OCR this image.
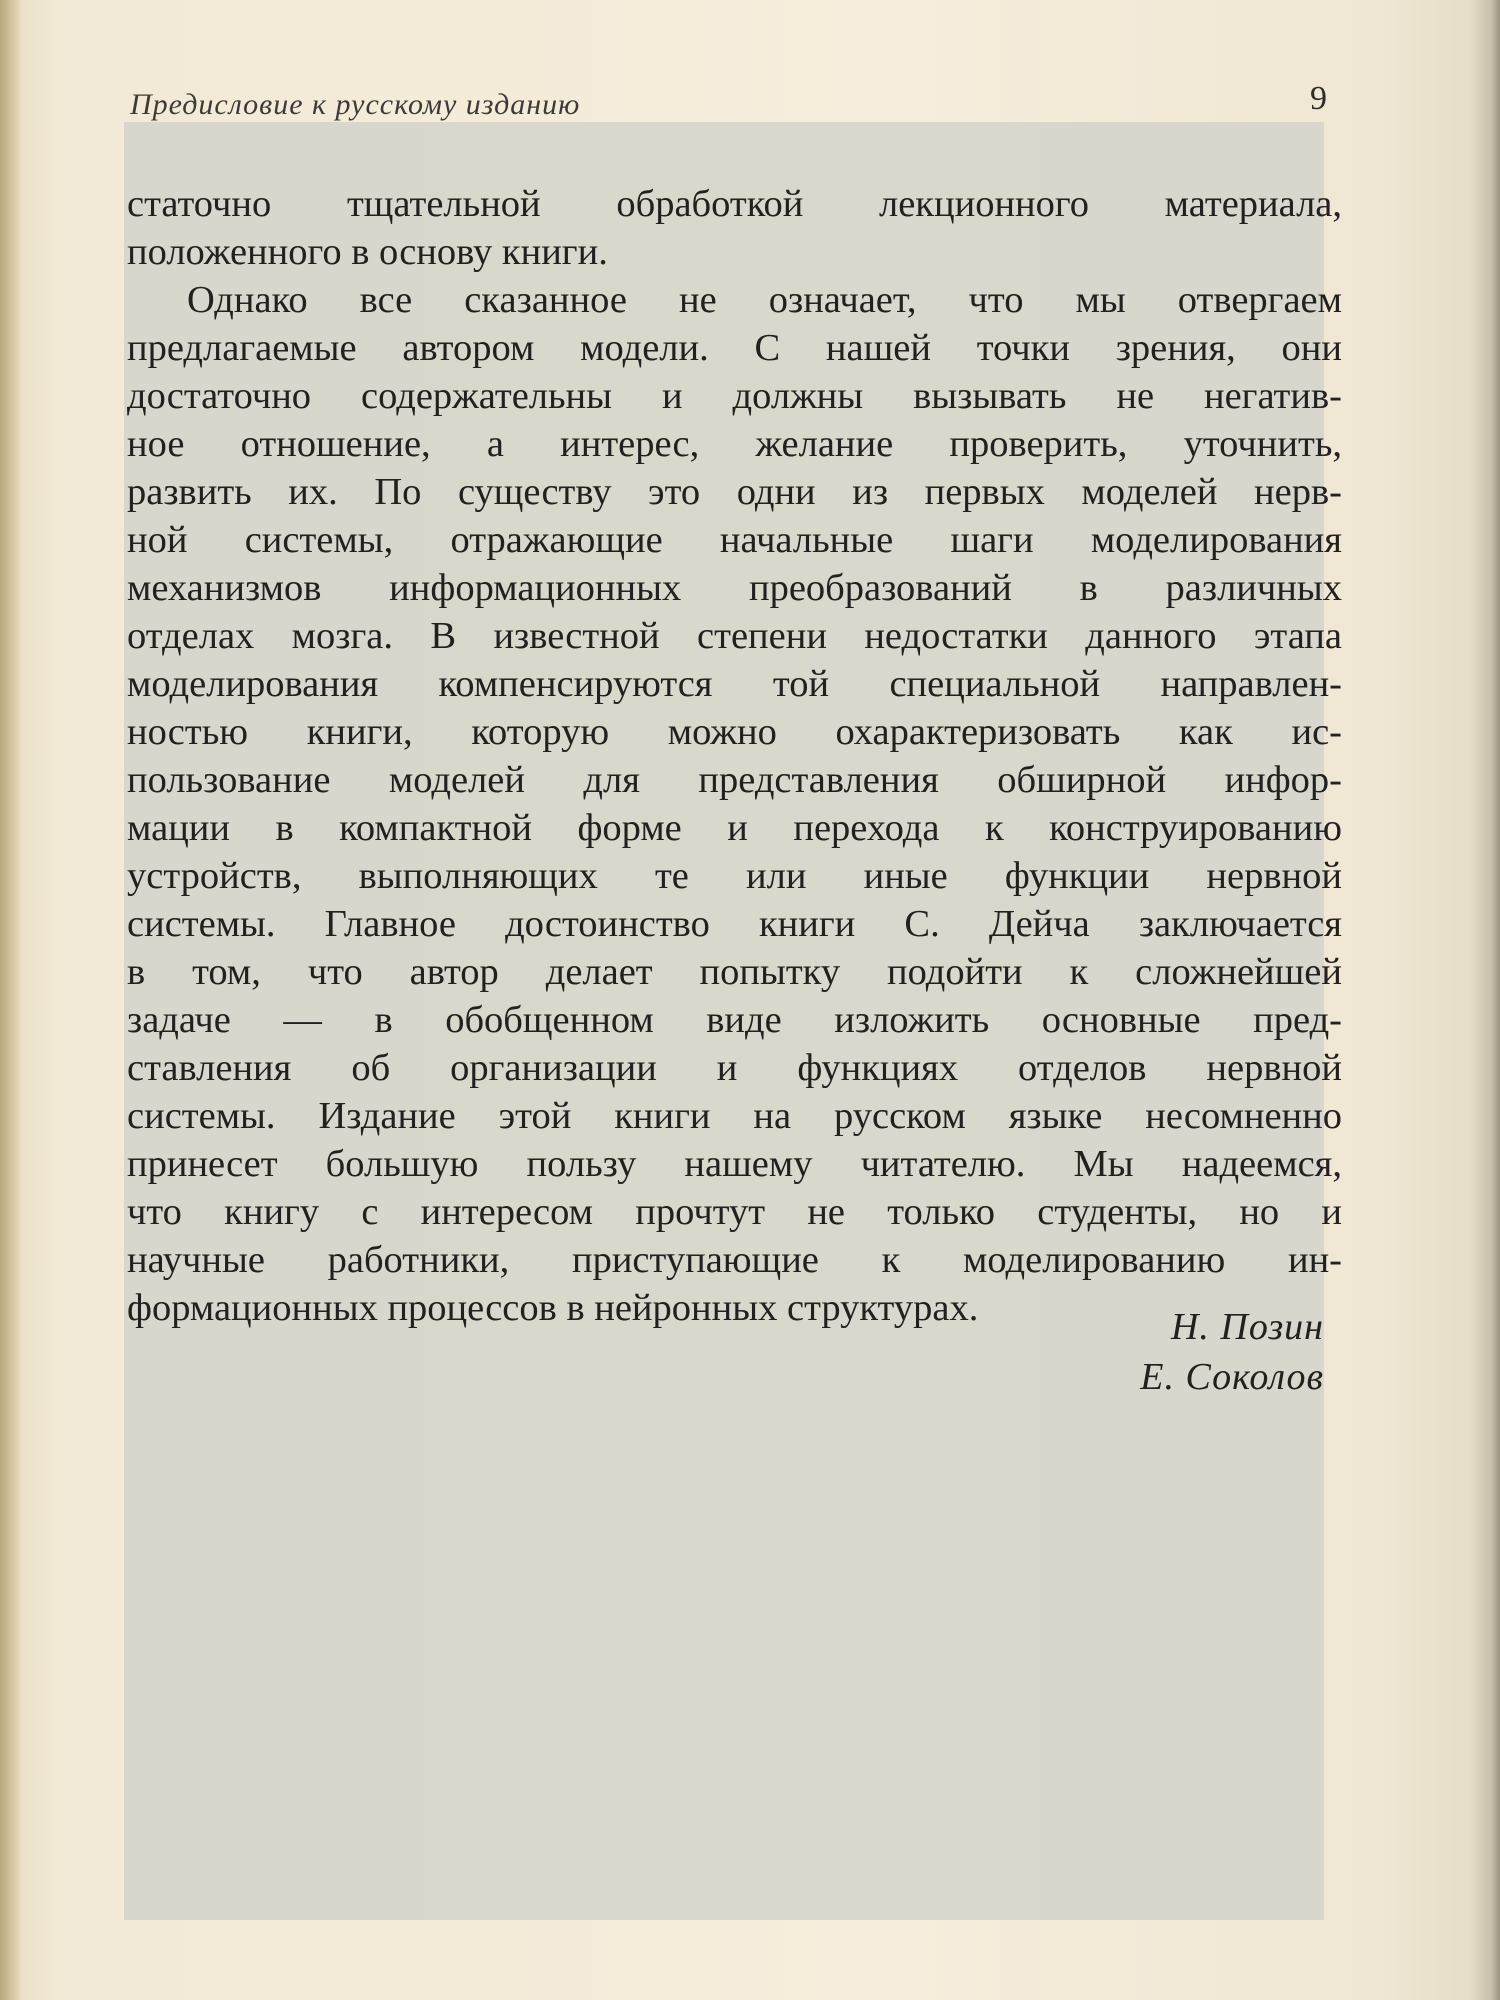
Предисловие к русскому изданию	9
статочно тщательной обработкой лекционного материала,
положенного в основу книги.
Однако все сказанное не означает, что мы отвергаем
предлагаемые автором модели. С нашей точки зрения, они
достаточно содержательны и должны вызывать не негатив-
ное отношение, а интерес, желание проверить, уточнить,
развить их. По существу это одни из первых моделей нерв-
ной системы, отражающие начальные шаги моделирования
механизмов информационных преобразований в различных
отделах мозга. В известной степени недостатки данного этапа
моделирования компенсируются той специальной направлен-
ностью книги, которую можно охарактеризовать как ис-
пользование моделей для представления обширной инфор-
мации в компактной форме и перехода к конструированию
устройств, выполняющих те или иные функции нервной
системы. Главное достоинство книги С. Дейча заключается
в том, что автор делает попытку подойти к сложнейшей
задаче — в обобщенном виде изложить основные пред-
ставления об организации и функциях отделов нервной
системы. Издание этой книги на русском языке несомненно
принесет большую пользу нашему читателю. Мы надеемся,
что книгу с интересом прочтут не только студенты, но и
научные работники, приступающие к моделированию ин-
формационных процессов в нейронных структурах.	Н. Позин
Е. Соколов
